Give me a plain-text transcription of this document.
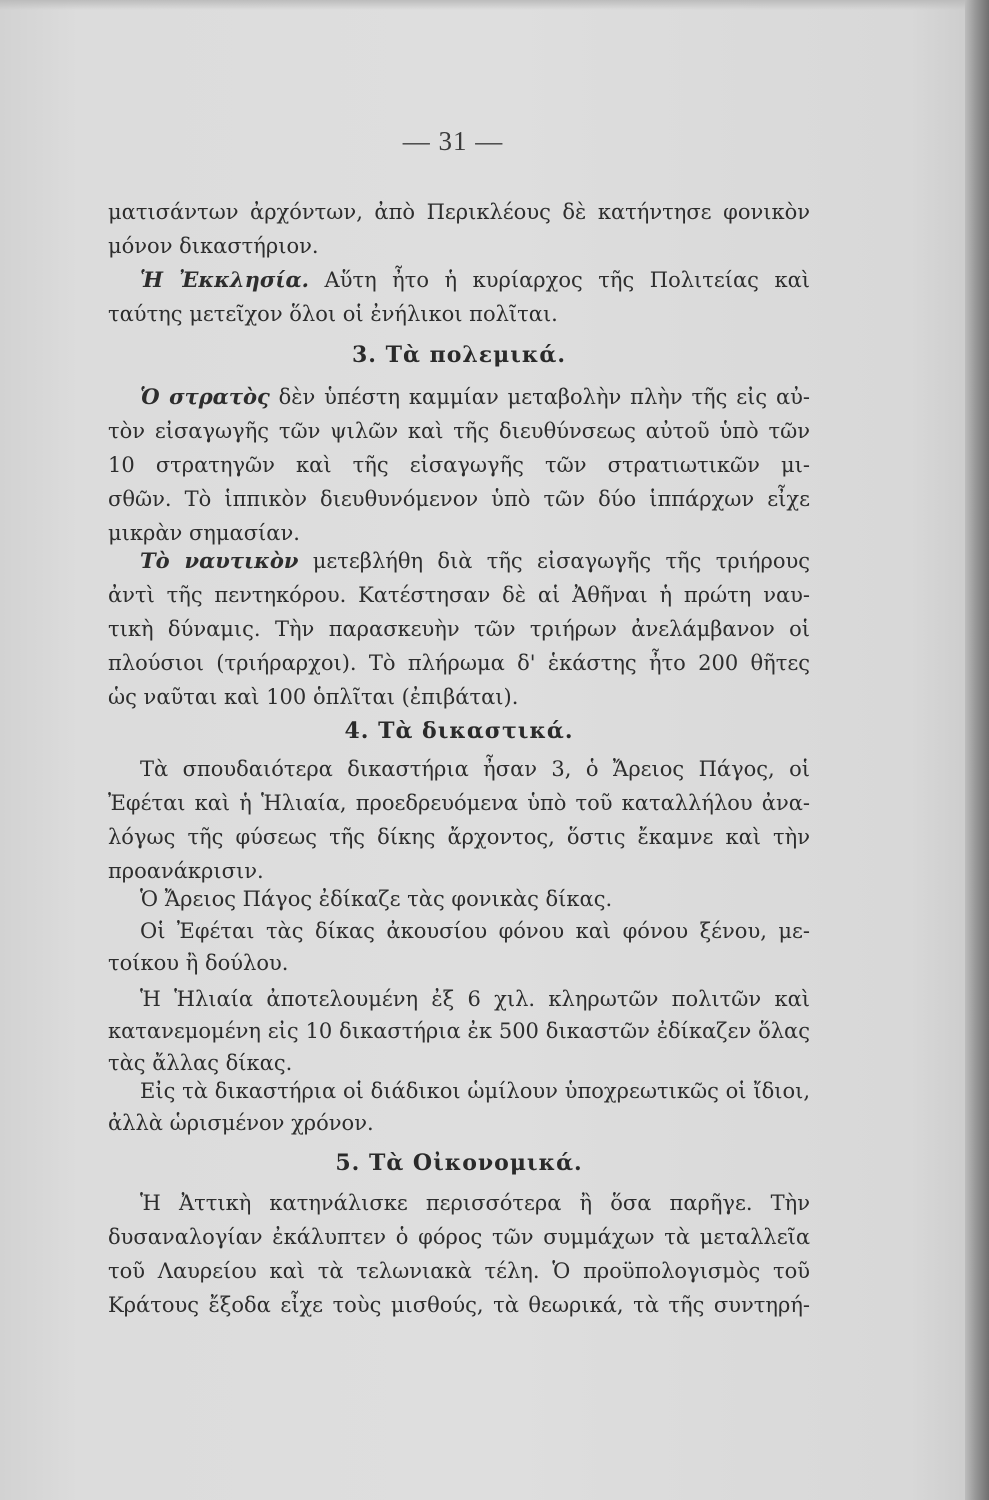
— 31 —
ματισάντων ἀρχόντων, ἀπὸ Περικλέους δὲ κατήντησε φονικὸν
μόνον δικαστήριον.
Ἡ Ἐκκλησία. Αὕτη ἦτο ἡ κυρίαρχος τῆς Πολιτείας καὶ
ταύτης μετεῖχον ὅλοι οἱ ἐνήλικοι πολῖται.
3. Τὰ πολεμικά.
Ὁ στρατὸς δὲν ὑπέστη καμμίαν μεταβολὴν πλὴν τῆς εἰς αὐ-
τὸν εἰσαγωγῆς τῶν ψιλῶν καὶ τῆς διευθύνσεως αὐτοῦ ὑπὸ τῶν
10 στρατηγῶν καὶ τῆς εἰσαγωγῆς τῶν στρατιωτικῶν μι-
σθῶν. Τὸ ἱππικὸν διευθυνόμενον ὑπὸ τῶν δύο ἱππάρχων εἶχε
μικρὰν σημασίαν.
Τὸ ναυτικὸν μετεβλήθη διὰ τῆς εἰσαγωγῆς τῆς τριήρους
ἀντὶ τῆς πεντηκόρου. Κατέστησαν δὲ αἱ Ἀθῆναι ἡ πρώτη ναυ-
τικὴ δύναμις. Τὴν παρασκευὴν τῶν τριήρων ἀνελάμβανον οἱ
πλούσιοι (τριήραρχοι). Τὸ πλήρωμα δ' ἑκάστης ἦτο 200 θῆτες
ὡς ναῦται καὶ 100 ὁπλῖται (ἐπιβάται).
4. Τὰ δικαστικά.
Τὰ σπουδαιότερα δικαστήρια ἦσαν 3, ὁ Ἄρειος Πάγος, οἱ
Ἐφέται καὶ ἡ Ἡλιαία, προεδρευόμενα ὑπὸ τοῦ καταλλήλου ἀνα-
λόγως τῆς φύσεως τῆς δίκης ἄρχοντος, ὅστις ἔκαμνε καὶ τὴν
προανάκρισιν.
Ὁ Ἄρειος Πάγος ἐδίκαζε τὰς φονικὰς δίκας.
Οἱ Ἐφέται τὰς δίκας ἀκουσίου φόνου καὶ φόνου ξένου, με-
τοίκου ἢ δούλου.
Ἡ Ἡλιαία ἀποτελουμένη ἐξ 6 χιλ. κληρωτῶν πολιτῶν καὶ
κατανεμομένη εἰς 10 δικαστήρια ἐκ 500 δικαστῶν ἐδίκαζεν ὅλας
τὰς ἄλλας δίκας.
Εἰς τὰ δικαστήρια οἱ διάδικοι ὡμίλουν ὑποχρεωτικῶς οἱ ἴδιοι,
ἀλλὰ ὡρισμένον χρόνον.
5. Τὰ Οἰκονομικά.
Ἡ Ἀττικὴ κατηνάλισκε περισσότερα ἢ ὅσα παρῆγε. Τὴν
δυσαναλογίαν ἐκάλυπτεν ὁ φόρος τῶν συμμάχων τὰ μεταλλεῖα
τοῦ Λαυρείου καὶ τὰ τελωνιακὰ τέλη. Ὁ προϋπολογισμὸς τοῦ
Κράτους ἔξοδα εἶχε τοὺς μισθούς, τὰ θεωρικά, τὰ τῆς συντηρή-
